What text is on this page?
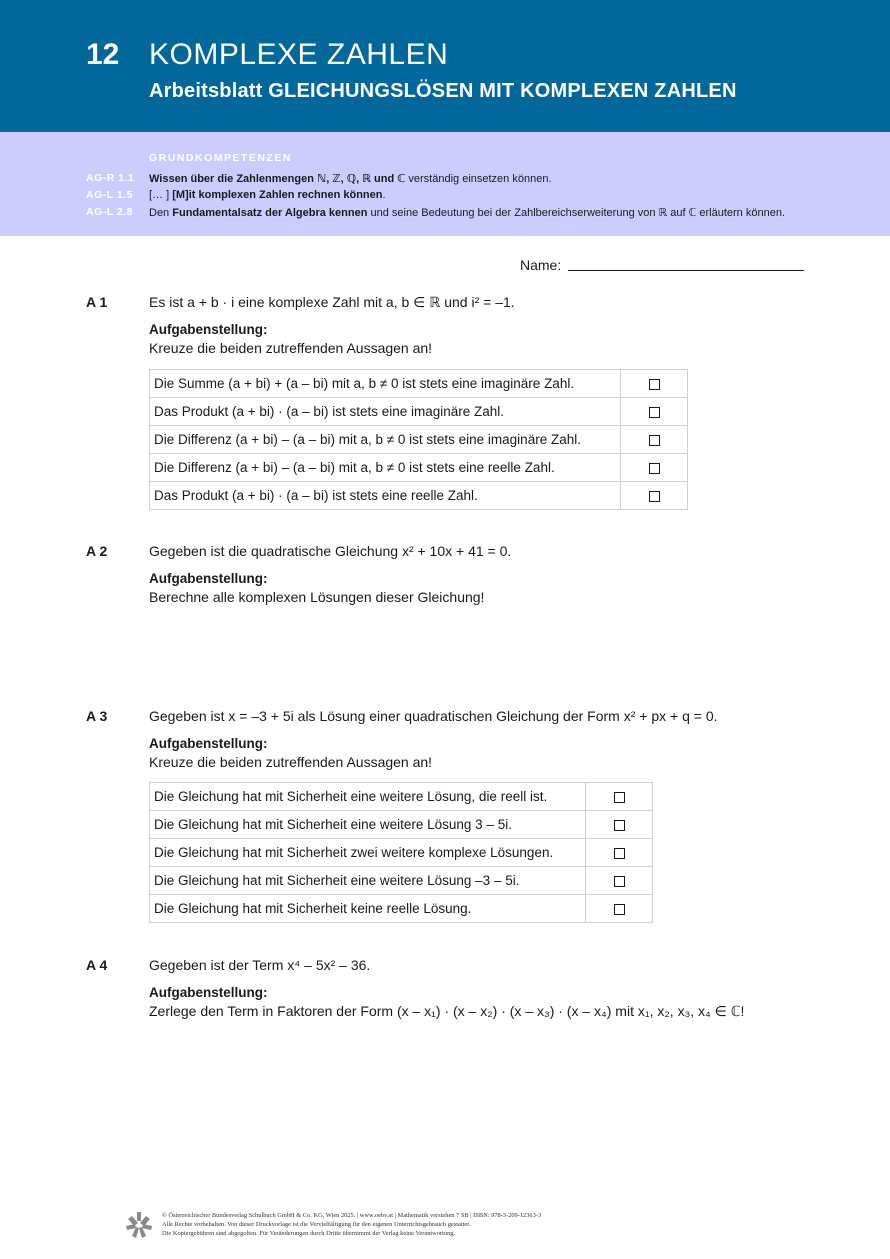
12 KOMPLEXE ZAHLEN
Arbeitsblatt GLEICHUNGSLÖSEN MIT KOMPLEXEN ZAHLEN
GRUNDKOMPETENZEN
AG-R 1.1 Wissen über die Zahlenmengen ℕ, ℤ, ℚ, ℝ und ℂ verständig einsetzen können.
AG-L 1.5 [… ] [M]it komplexen Zahlen rechnen können.
AG-L 2.8 Den Fundamentalsatz der Algebra kennen und seine Bedeutung bei der Zahlbereichserweiterung von ℝ auf ℂ erläutern können.
Name:
A 1	Es ist a + b · i eine komplexe Zahl mit a, b ∈ ℝ und i² = –1.
Aufgabenstellung:
Kreuze die beiden zutreffenden Aussagen an!
Die Summe (a + bi) + (a – bi) mit a, b ≠ 0 ist stets eine imaginäre Zahl.	
Das Produkt (a + bi) · (a – bi) ist stets eine imaginäre Zahl.	
Die Differenz (a + bi) – (a – bi) mit a, b ≠ 0 ist stets eine imaginäre Zahl.	
Die Differenz (a + bi) – (a – bi) mit a, b ≠ 0 ist stets eine reelle Zahl.	
Das Produkt (a + bi) · (a – bi) ist stets eine reelle Zahl.	
A 2	Gegeben ist die quadratische Gleichung x² + 10x + 41 = 0.
Aufgabenstellung:
Berechne alle komplexen Lösungen dieser Gleichung!
A 3	Gegeben ist x = –3 + 5i als Lösung einer quadratischen Gleichung der Form x² + px + q = 0.
Aufgabenstellung:
Kreuze die beiden zutreffenden Aussagen an!
Die Gleichung hat mit Sicherheit eine weitere Lösung, die reell ist.	
Die Gleichung hat mit Sicherheit eine weitere Lösung 3 – 5i.	
Die Gleichung hat mit Sicherheit zwei weitere komplexe Lösungen.	
Die Gleichung hat mit Sicherheit eine weitere Lösung –3 – 5i.	
Die Gleichung hat mit Sicherheit keine reelle Lösung.	
A 4	Gegeben ist der Term x⁴ – 5x² – 36.
Aufgabenstellung:
Zerlege den Term in Faktoren der Form (x – x₁) · (x – x₂) · (x – x₃) · (x – x₄) mit x₁, x₂, x₃, x₄ ∈ ℂ!
© Österreichischer Bundesverlag Schulbuch GmbH & Co. KG, Wien 2025. | www.oebv.at | Mathematik verstehen 7 SB | ISBN: 978-3-209-12363-3
Alle Rechte vorbehalten. Von dieser Druckvorlage ist die Vervielfältigung für den eigenen Unterrichtsgebrauch gestattet.
Die Kopiergebühren sind abgegolten. Für Veränderungen durch Dritte übernimmt der Verlag keine Verantwortung.
